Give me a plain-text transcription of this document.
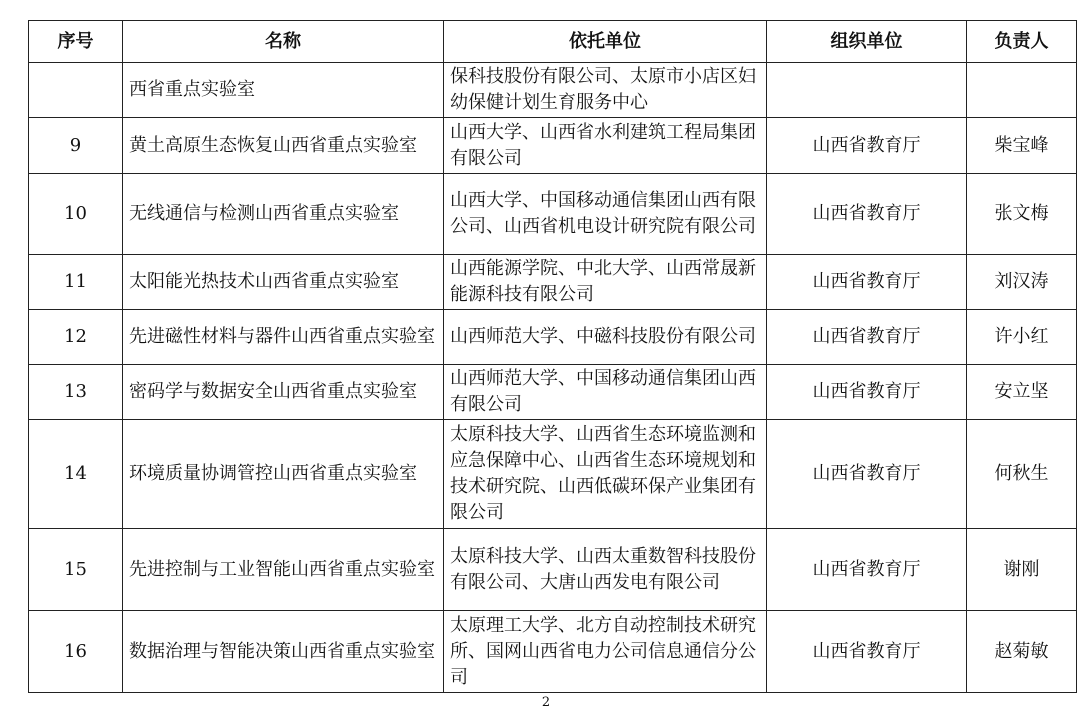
序号	名称	依托单位	组织单位	负责人
	西省重点实验室	保科技股份有限公司、太原市小店区妇幼保健计划生育服务中心		
9	黄土高原生态恢复山西省重点实验室	山西大学、山西省水利建筑工程局集团有限公司	山西省教育厅	柴宝峰
10	无线通信与检测山西省重点实验室	山西大学、中国移动通信集团山西有限公司、山西省机电设计研究院有限公司	山西省教育厅	张文梅
11	太阳能光热技术山西省重点实验室	山西能源学院、中北大学、山西常晟新能源科技有限公司	山西省教育厅	刘汉涛
12	先进磁性材料与器件山西省重点实验室	山西师范大学、中磁科技股份有限公司	山西省教育厅	许小红
13	密码学与数据安全山西省重点实验室	山西师范大学、中国移动通信集团山西有限公司	山西省教育厅	安立坚
14	环境质量协调管控山西省重点实验室	太原科技大学、山西省生态环境监测和应急保障中心、山西省生态环境规划和技术研究院、山西低碳环保产业集团有限公司	山西省教育厅	何秋生
15	先进控制与工业智能山西省重点实验室	太原科技大学、山西太重数智科技股份有限公司、大唐山西发电有限公司	山西省教育厅	谢刚
16	数据治理与智能决策山西省重点实验室	太原理工大学、北方自动控制技术研究所、国网山西省电力公司信息通信分公司	山西省教育厅	赵菊敏
2
